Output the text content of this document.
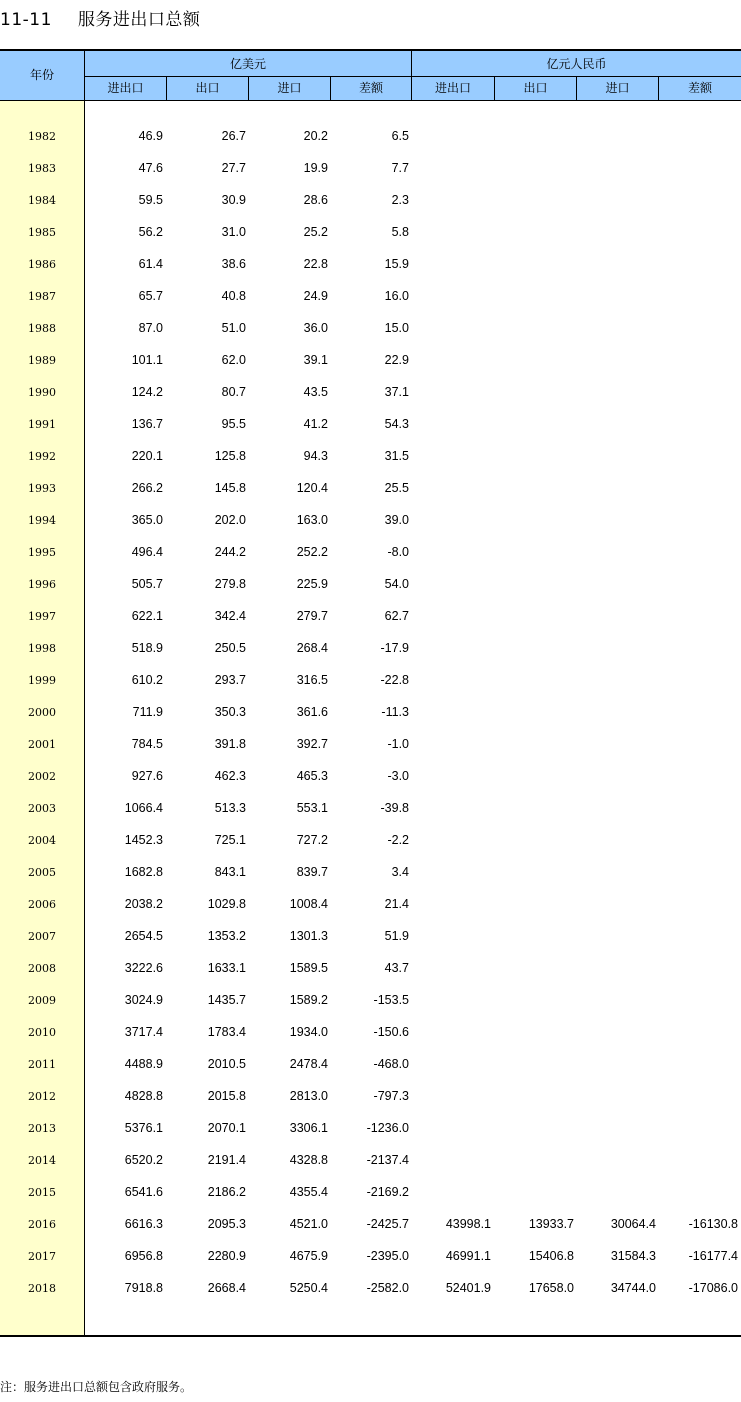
11-11 服务进出口总额
年份
亿美元	亿元人民币
进出口	出口	进口	差额	进出口	出口	进口	差额
1982	46.9	26.7	20.2	6.5
1983	47.6	27.7	19.9	7.7
1984	59.5	30.9	28.6	2.3
1985	56.2	31.0	25.2	5.8
1986	61.4	38.6	22.8	15.9
1987	65.7	40.8	24.9	16.0
1988	87.0	51.0	36.0	15.0
1989	101.1	62.0	39.1	22.9
1990	124.2	80.7	43.5	37.1
1991	136.7	95.5	41.2	54.3
1992	220.1	125.8	94.3	31.5
1993	266.2	145.8	120.4	25.5
1994	365.0	202.0	163.0	39.0
1995	496.4	244.2	252.2	-8.0
1996	505.7	279.8	225.9	54.0
1997	622.1	342.4	279.7	62.7
1998	518.9	250.5	268.4	-17.9
1999	610.2	293.7	316.5	-22.8
2000	711.9	350.3	361.6	-11.3
2001	784.5	391.8	392.7	-1.0
2002	927.6	462.3	465.3	-3.0
2003	1066.4	513.3	553.1	-39.8
2004	1452.3	725.1	727.2	-2.2
2005	1682.8	843.1	839.7	3.4
2006	2038.2	1029.8	1008.4	21.4
2007	2654.5	1353.2	1301.3	51.9
2008	3222.6	1633.1	1589.5	43.7
2009	3024.9	1435.7	1589.2	-153.5
2010	3717.4	1783.4	1934.0	-150.6
2011	4488.9	2010.5	2478.4	-468.0
2012	4828.8	2015.8	2813.0	-797.3
2013	5376.1	2070.1	3306.1	-1236.0
2014	6520.2	2191.4	4328.8	-2137.4
2015	6541.6	2186.2	4355.4	-2169.2
2016	6616.3	2095.3	4521.0	-2425.7	43998.1	13933.7	30064.4	-16130.8
2017	6956.8	2280.9	4675.9	-2395.0	46991.1	15406.8	31584.3	-16177.4
2018	7918.8	2668.4	5250.4	-2582.0	52401.9	17658.0	34744.0	-17086.0
注：服务进出口总额包含政府服务。
